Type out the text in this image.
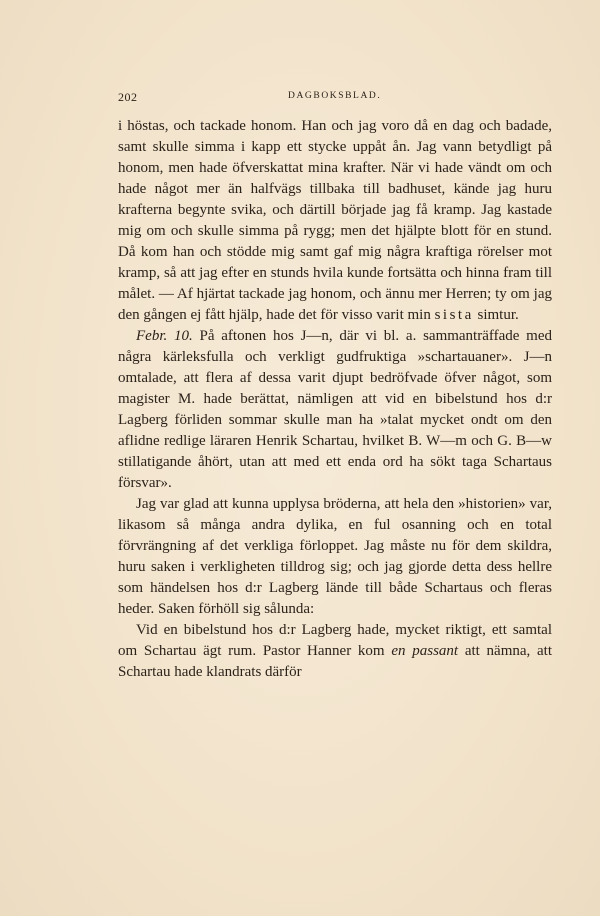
202	DAGBOKSBLAD.

i höstas, och tackade honom. Han och jag voro då en dag och badade, samt skulle simma i kapp ett stycke uppåt ån. Jag vann betydligt på honom, men hade öfverskattat mina krafter. När vi hade vändt om och hade något mer än halfvägs tillbaka till badhuset, kände jag huru krafterna begynte svika, och därtill började jag få kramp. Jag kastade mig om och skulle simma på rygg; men det hjälpte blott för en stund. Då kom han och stödde mig samt gaf mig några kraftiga rörelser mot kramp, så att jag efter en stunds hvila kunde fortsätta och hinna fram till målet. — Af hjärtat tackade jag honom, och ännu mer Herren; ty om jag den gången ej fått hjälp, hade det för visso varit min sista simtur.

Febr. 10. På aftonen hos J—n, där vi bl. a. sammanträffade med några kärleksfulla och verkligt gudfruktiga »schartauaner». J—n omtalade, att flera af dessa varit djupt bedröfvade öfver något, som magister M. hade berättat, nämligen att vid en bibelstund hos d:r Lagberg förliden sommar skulle man ha »talat mycket ondt om den aflidne redlige läraren Henrik Schartau, hvilket B. W—m och G. B—w stillatigande åhört, utan att med ett enda ord ha sökt taga Schartaus försvar».

Jag var glad att kunna upplysa bröderna, att hela den »historien» var, likasom så många andra dylika, en ful osanning och en total förvrängning af det verkliga förloppet. Jag måste nu för dem skildra, huru saken i verkligheten tilldrog sig; och jag gjorde detta dess hellre som händelsen hos d:r Lagberg lände till både Schartaus och fleras heder. Saken förhöll sig sålunda:

Vid en bibelstund hos d:r Lagberg hade, mycket riktigt, ett samtal om Schartau ägt rum. Pastor Hanner kom en passant att nämna, att Schartau hade klandrats därför
